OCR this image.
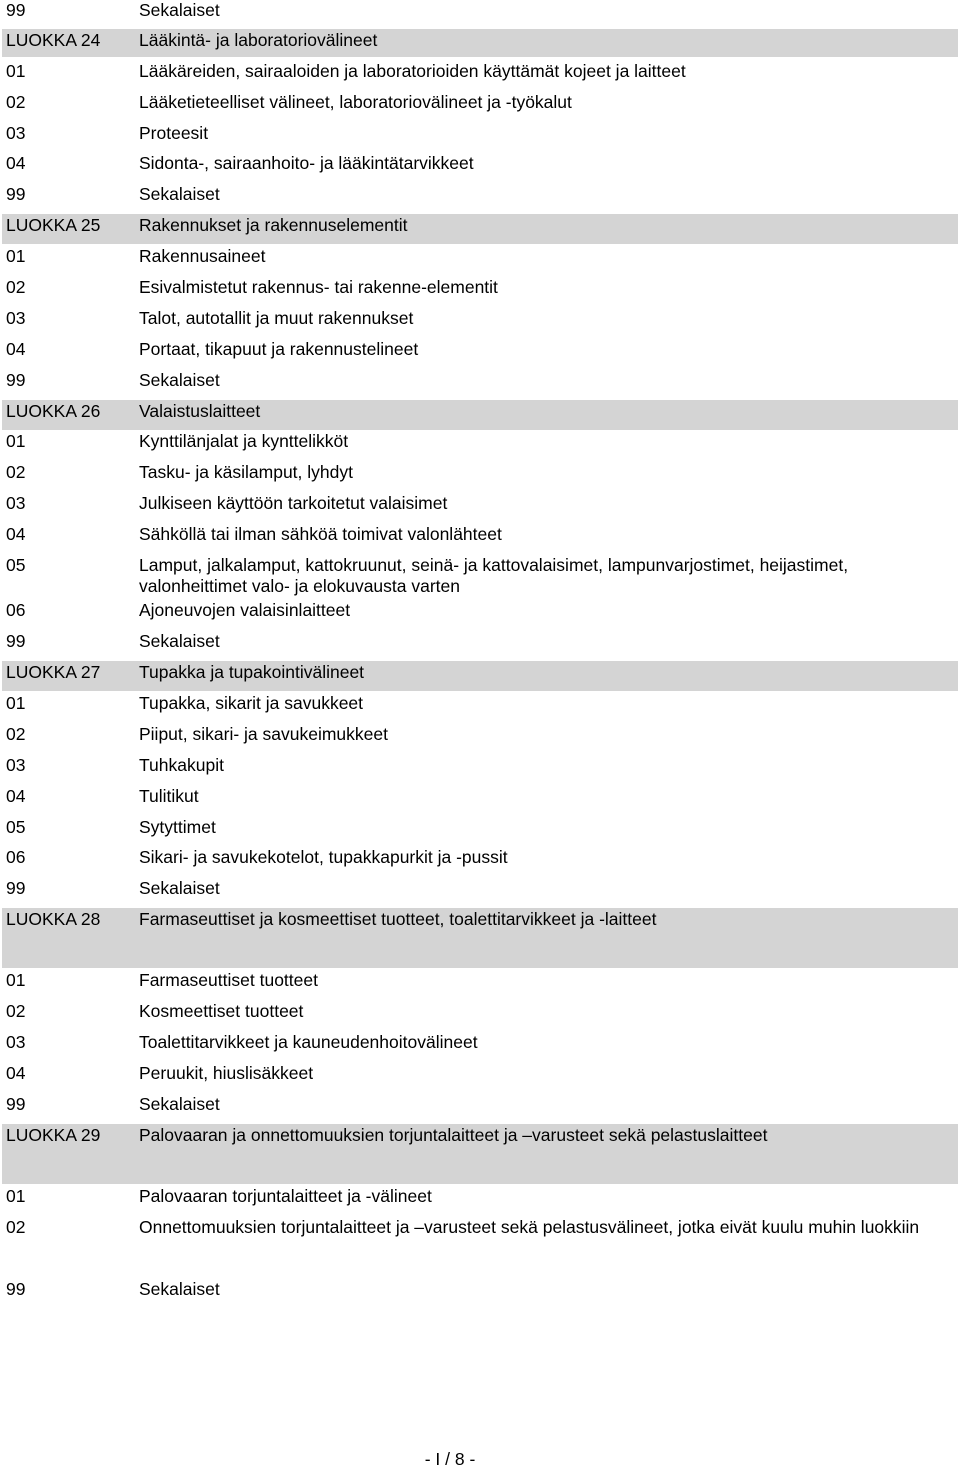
99	Sekalaiset
LUOKKA 24 Lääkintä- ja laboratoriovälineet
01	Lääkäreiden, sairaaloiden ja laboratorioiden käyttämät kojeet ja laitteet
02	Lääketieteelliset välineet, laboratoriovälineet ja -työkalut
03	Proteesit
04	Sidonta-, sairaanhoito- ja lääkintätarvikkeet
99	Sekalaiset
LUOKKA 25 Rakennukset ja rakennuselementit
01	Rakennusaineet
02	Esivalmistetut rakennus- tai rakenne-elementit
03	Talot, autotallit ja muut rakennukset
04	Portaat, tikapuut ja rakennustelineet
99	Sekalaiset
LUOKKA 26 Valaistuslaitteet
01	Kynttilänjalat ja kynttelikköt
02	Tasku- ja käsilamput, lyhdyt
03	Julkiseen käyttöön tarkoitetut valaisimet
04	Sähköllä tai ilman sähköä toimivat valonlähteet
05	Lamput, jalkalamput, kattokruunut, seinä- ja kattovalaisimet, lampunvarjostimet, heijastimet, valonheittimet valo- ja elokuvausta varten
06	Ajoneuvojen valaisinlaitteet
99	Sekalaiset
LUOKKA 27 Tupakka ja tupakointivälineet
01	Tupakka, sikarit ja savukkeet
02	Piiput, sikari- ja savukeimukkeet
03	Tuhkakupit
04	Tulitikut
05	Sytyttimet
06	Sikari- ja savukekotelot, tupakkapurkit ja -pussit
99	Sekalaiset
LUOKKA 28 Farmaseuttiset ja kosmeettiset tuotteet, toalettitarvikkeet ja -laitteet
01	Farmaseuttiset tuotteet
02	Kosmeettiset tuotteet
03	Toalettitarvikkeet ja kauneudenhoitovälineet
04	Peruukit, hiuslisäkkeet
99	Sekalaiset
LUOKKA 29 Palovaaran ja onnettomuuksien torjuntalaitteet ja –varusteet sekä pelastuslaitteet
01	Palovaaran torjuntalaitteet ja -välineet
02	Onnettomuuksien torjuntalaitteet ja –varusteet sekä pelastusvälineet, jotka eivät kuulu muhin luokkiin
99	Sekalaiset
- I / 8 -
